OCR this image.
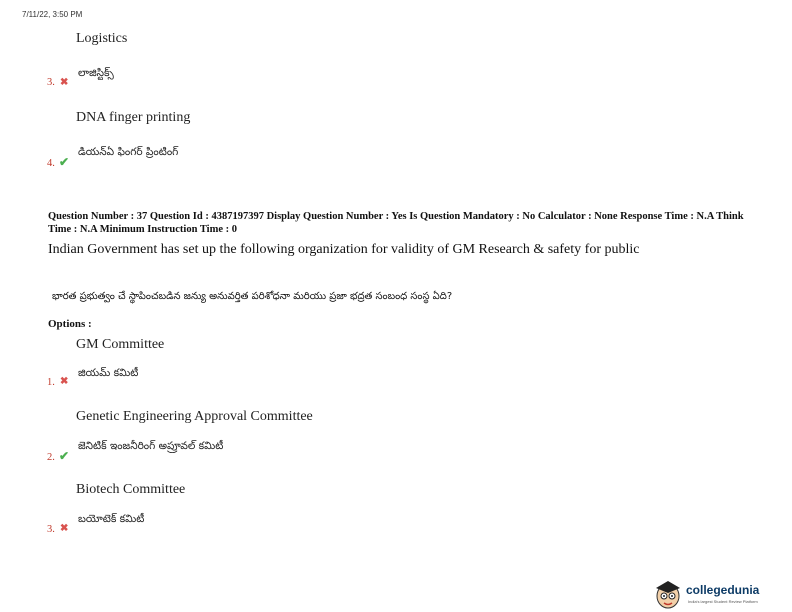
7/11/22, 3:50 PM
Logistics
లాజిస్టిక్స్
3. ✖
DNA finger printing
డియన్ఏ ఫింగర్ ప్రింటింగ్
4. ✔
Question Number : 37 Question Id : 4387197397 Display Question Number : Yes Is Question Mandatory : No Calculator : None Response Time : N.A Think Time : N.A Minimum Instruction Time : 0
Indian Government has set up the following organization for validity of GM Research & safety for public
భారత ప్రభుత్వం చే స్థాపించబడిన జన్యు అనువర్తిత పరిశోధనా మరియు ప్రజా భద్రత సంబంధ సంస్థ ఏది?
Options :
GM Committee
జియమ్ కమిటీ
1. ✖
Genetic Engineering Approval Committee
జెనిటిక్ ఇంజనీరింగ్ అప్రూవల్ కమిటీ
2. ✔
Biotech Committee
బయోటెక్ కమిటీ
3. ✖
collegedunia
India's largest Student Review Platform
